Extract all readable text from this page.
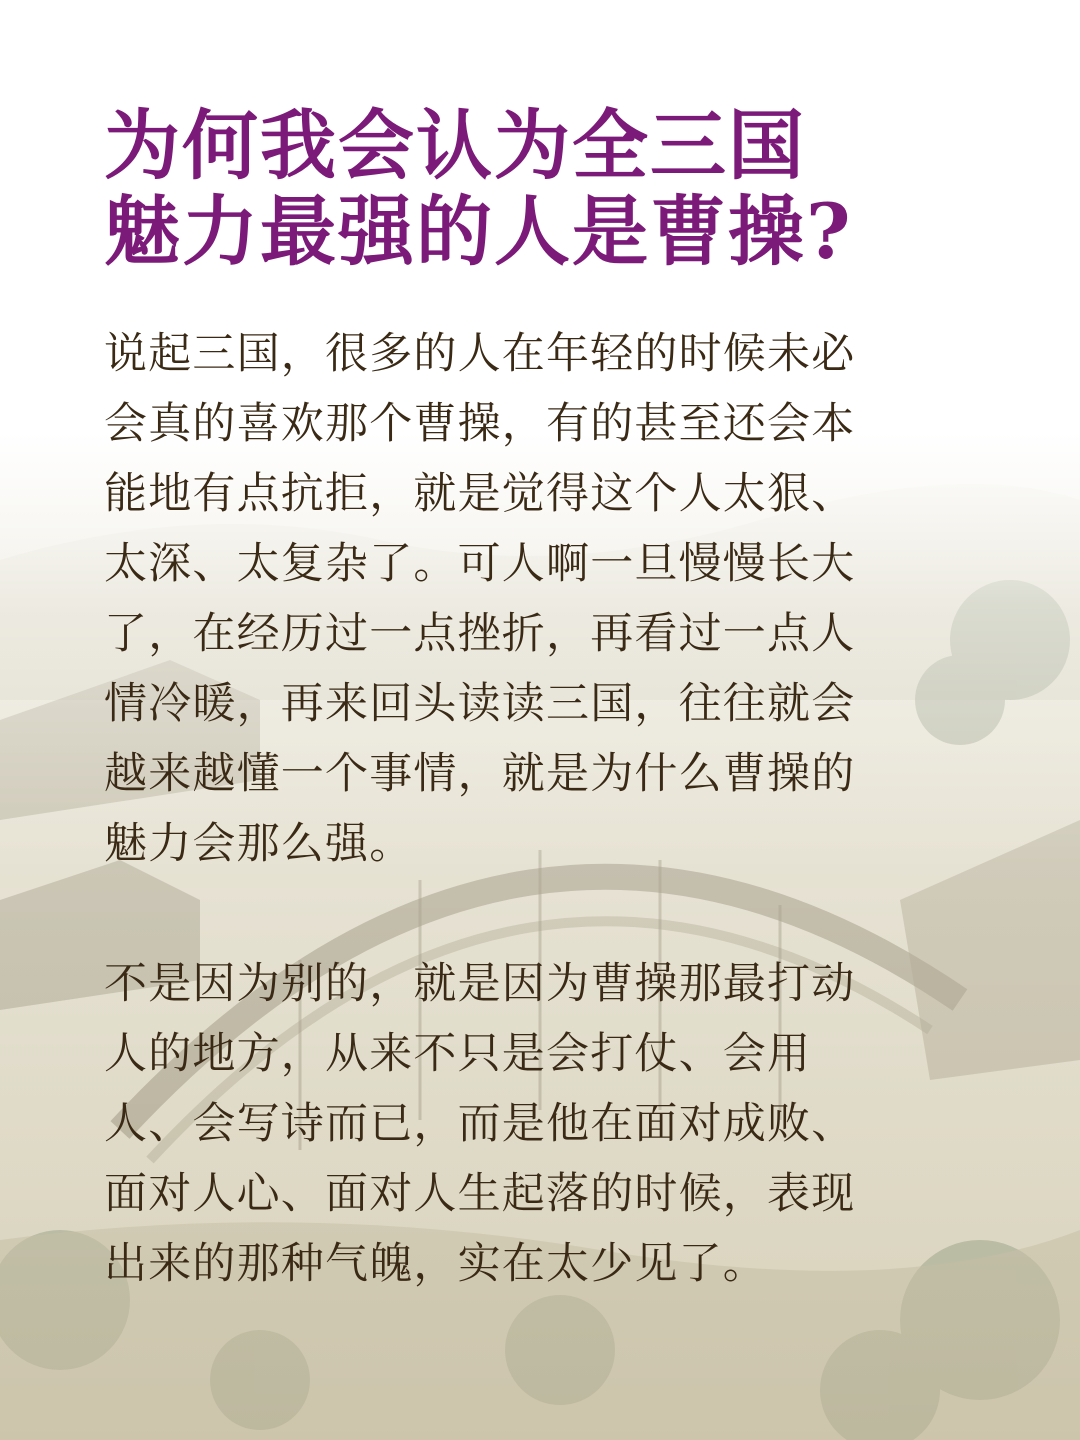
为何我会认为全三国
魅力最强的人是曹操?

说起三国，很多的人在年轻的时候未必

会真的喜欢那个曹操，有的甚至还会本

能地有点抗拒，就是觉得这个人太狠、

太深、太复杂了。可人啊一旦慢慢长大

了，在经历过一点挫折，再看过一点人

情冷暖，再来回头读读三国，往往就会

越来越懂一个事情，就是为什么曹操的

魅力会那么强。

不是因为别的，就是因为曹操那最打动

人的地方，从来不只是会打仗、会用

人、会写诗而已，而是他在面对成败、

面对人心、面对人生起落的时候，表现

出来的那种气魄，实在太少见了。
